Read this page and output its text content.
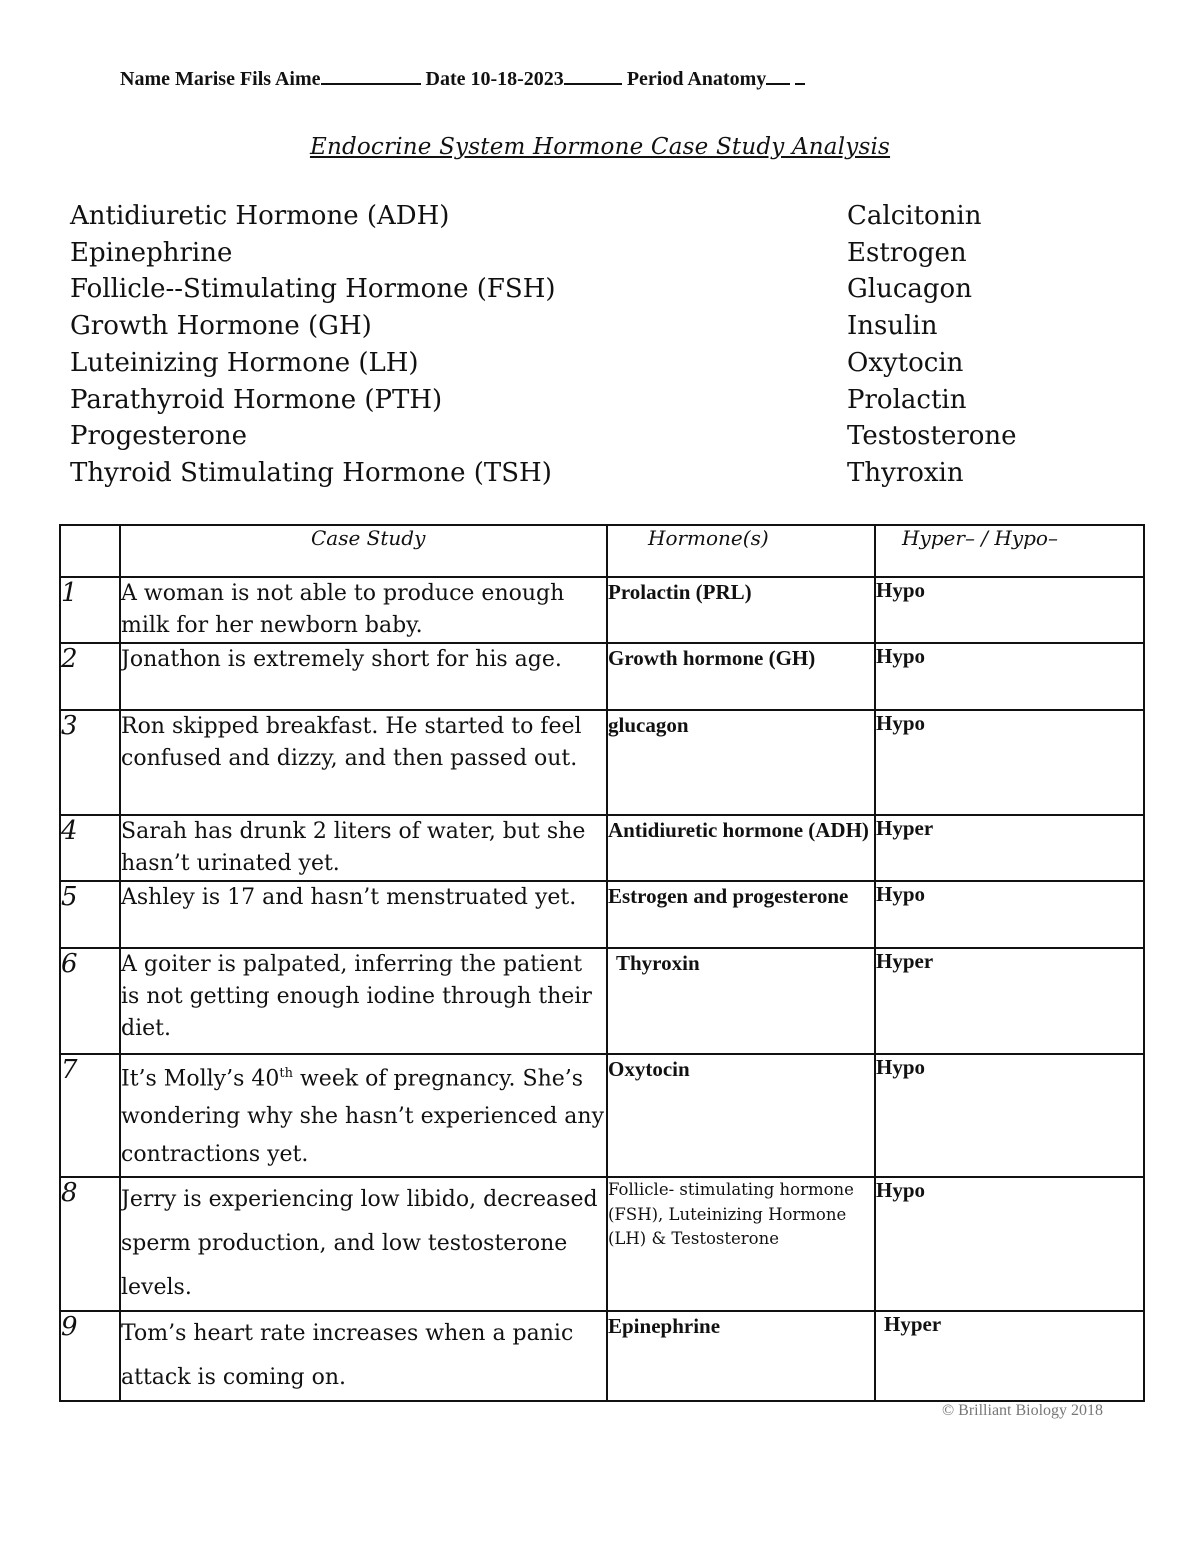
Name Marise Fils Aime	Date 10-18-2023	Period Anatomy
Endocrine System Hormone Case Study Analysis
Antidiuretic Hormone (ADH)
Epinephrine
Follicle--Stimulating Hormone (FSH)
Growth Hormone (GH)
Luteinizing Hormone (LH)
Parathyroid Hormone (PTH)
Progesterone
Thyroid Stimulating Hormone (TSH)
Calcitonin
Estrogen
Glucagon
Insulin
Oxytocin
Prolactin
Testosterone
Thyroxin
	Case Study	Hormone(s)	Hyper– / Hypo–
1	A woman is not able to produce enough milk for her newborn baby.	Prolactin (PRL)	Hypo
2	Jonathon is extremely short for his age.	Growth hormone (GH)	Hypo
3	Ron skipped breakfast. He started to feel confused and dizzy, and then passed out.	glucagon	Hypo
4	Sarah has drunk 2 liters of water, but she hasn’t urinated yet.	Antidiuretic hormone (ADH)	Hyper
5	Ashley is 17 and hasn’t menstruated yet.	Estrogen and progesterone	Hypo
6	A goiter is palpated, inferring the patient is not getting enough iodine through their diet.	Thyroxin	Hyper
7	It’s Molly’s 40th week of pregnancy. She’s wondering why she hasn’t experienced any contractions yet.	Oxytocin	Hypo
8	Jerry is experiencing low libido, decreased sperm production, and low testosterone levels.	Follicle- stimulating hormone (FSH), Luteinizing Hormone (LH) & Testosterone	Hypo
9	Tom’s heart rate increases when a panic attack is coming on.	Epinephrine	Hyper
© Brilliant Biology 2018
